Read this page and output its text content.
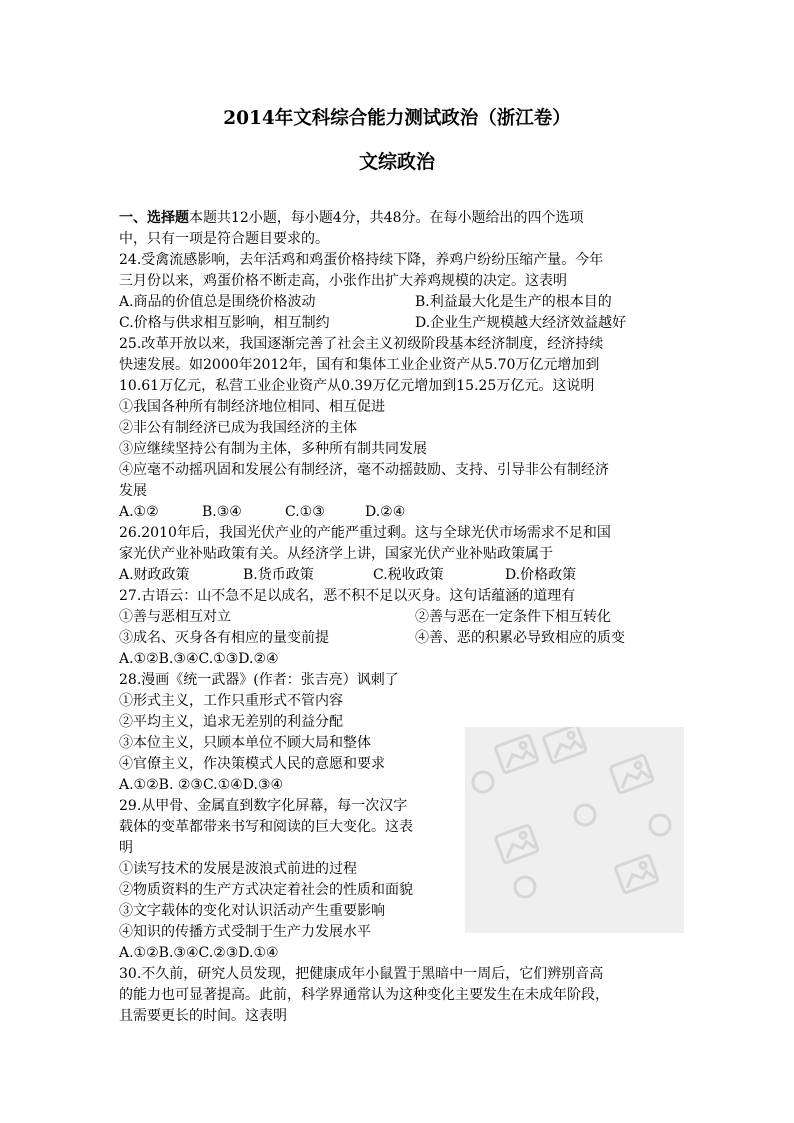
2014年文科综合能力测试政治（浙江卷）
文综政治
一、选择题本题共12小题，每小题4分，共48分。在每小题给出的四个选项
中，只有一项是符合题目要求的。
24.受禽流感影响，去年活鸡和鸡蛋价格持续下降，养鸡户纷纷压缩产量。今年
三月份以来，鸡蛋价格不断走高，小张作出扩大养鸡规模的决定。这表明
A.商品的价值总是围绕价格波动	B.利益最大化是生产的根本目的
C.价格与供求相互影响，相互制约	D.企业生产规模越大经济效益越好
25.改革开放以来，我国逐渐完善了社会主义初级阶段基本经济制度，经济持续
快速发展。如2000年2012年，国有和集体工业企业资产从5.70万亿元增加到
10.61万亿元，私营工业企业资产从0.39万亿元增加到15.25万亿元。这说明
①我国各种所有制经济地位相同、相互促进
②非公有制经济已成为我国经济的主体
③应继续坚持公有制为主体，多种所有制共同发展
④应毫不动摇巩固和发展公有制经济，毫不动摇鼓励、支持、引导非公有制经济
发展
A.①②	B.③④	C.①③	D.②④
26.2010年后，我国光伏产业的产能严重过剩。这与全球光伏市场需求不足和国
家光伏产业补贴政策有关。从经济学上讲，国家光伏产业补贴政策属于
A.财政政策	B.货币政策	C.税收政策	D.价格政策
27.古语云：山不急不足以成名，恶不积不足以灭身。这句话蕴涵的道理有
①善与恶相互对立	②善与恶在一定条件下相互转化
③成名、灭身各有相应的量变前提	④善、恶的积累必导致相应的质变
A.①②B.③④C.①③D.②④
28.漫画《统一武器》(作者：张吉亮）讽刺了
①形式主义，工作只重形式不管内容
②平均主义，追求无差别的利益分配
③本位主义，只顾本单位不顾大局和整体
④官僚主义，作决策模式人民的意愿和要求
A.①②B. ②③C.①④D.③④
29.从甲骨、金属直到数字化屏幕，每一次汉字
载体的变革都带来书写和阅读的巨大变化。这表
明
①读写技术的发展是波浪式前进的过程
②物质资料的生产方式决定着社会的性质和面貌
③文字载体的变化对认识活动产生重要影响
④知识的传播方式受制于生产力发展水平
A.①②B.③④C.②③D.①④
30.不久前，研究人员发现，把健康成年小鼠置于黑暗中一周后，它们辨别音高
的能力也可显著提高。此前，科学界通常认为这种变化主要发生在未成年阶段，
且需要更长的时间。这表明
